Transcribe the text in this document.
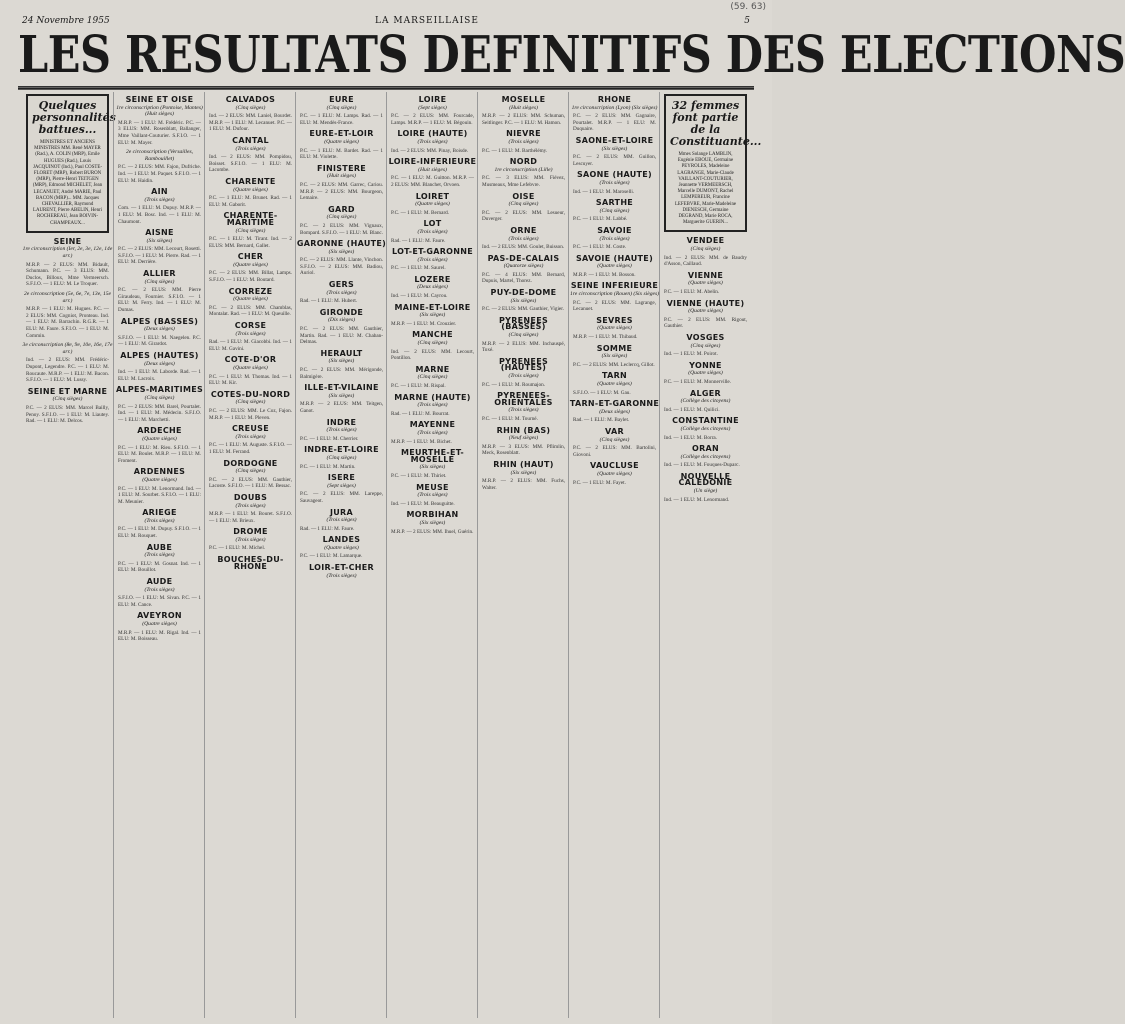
24 Novembre 1955	LA MARSEILLAISE	5
(59. 63)
LES RESULTATS DEFINITIFS DES ELECTIONS
Quelques personnalités battues...
MINISTRES ET ANCIENS MINISTRES MM. René MAYER (Rad.), A. COLIN (MRP), Emile HUGUES (Rad.), Louis JACQUINOT (Ind.), Paul COSTE-FLORET (MRP), Robert BURON (MRP), Pierre-Henri TEITGEN (MRP), Edmond MICHELET, Jean LECANUET, André MARIE, Paul BACON (MRP)... MM. Jacques CHEVALLIER, Raymond LAURENT, Pierre ABELIN, Henri ROCHEREAU, Jean BOIVIN-CHAMPEAUX...
SEINE
1re circonscription (Ier, 2e, 3e, 12e, 14e arr.)
M.R.P. — 2 ELUS: MM. Bidault, Schumann. P.C. — 3 ELUS: MM. Duclos, Billoux, Mme Vermeersch. S.F.I.O. — 1 ELU: M. Le Troquer.
2e circonscription (5e, 6e, 7e, 13e, 15e arr.)
M.R.P. — 1 ELU: M. Hugues. P.C. — 2 ELUS: MM. Cogniot, Pronteau. Ind. — 1 ELU: M. Barrachin. R.G.R. — 1 ELU: M. Faure. S.F.I.O. — 1 ELU: M. Commin.
3e circonscription (8e, 9e, 10e, 16e, 17e arr.)
Ind. — 2 ELUS: MM. Frédéric-Dupont, Legendre. P.C. — 1 ELU: M. Roucaute. M.R.P. — 1 ELU: M. Bacon. S.F.I.O. — 1 ELU: M. Lussy.
SEINE ET MARNE
(Cinq sièges)
P.C. — 2 ELUS: MM. Marcel Bailly, Penoy. S.F.I.O. — 1 ELU: M. Liautey. Rad. — 1 ELU: M. Delcos.
SEINE ET OISE
1re circonscription (Pontoise, Mantes) (Huit sièges)
M.R.P. — 1 ELU: M. Frédéric. P.C. — 3 ELUS: MM. Rosenblatt, Ballanger, Mme Vaillant-Couturier. S.F.I.O. — 1 ELU: M. Mayer.
2e circonscription (Versailles, Rambouillet)
P.C. — 2 ELUS: MM. Fajon, Dufriche. Ind. — 1 ELU: M. Paquet. S.F.I.O. — 1 ELU: M. Haidin.
AIN
(Trois sièges)
Com. — 1 ELU: M. Dupuy. M.R.P. — 1 ELU: M. Bosc. Ind. — 1 ELU: M. Chaumont.
AISNE
(Six sièges)
P.C. — 2 ELUS: MM. Lecourt, Rosetti. S.F.I.O. — 1 ELU: M. Pierre. Rad. — 1 ELU: M. Derrière.
ALLIER
(Cinq sièges)
P.C. — 2 ELUS: MM. Pierre Giraudeau, Fournier. S.F.I.O. — 1 ELU: M. Ferry. Ind. — 1 ELU: M. Dumas.
ALPES (BASSES)
(Deux sièges)
S.F.I.O. — 1 ELU: M. Naegelen. P.C. — 1 ELU: M. Girardot.
ALPES (HAUTES)
(Deux sièges)
Ind. — 1 ELU: M. Laborde. Rad. — 1 ELU: M. Lacroix.
ALPES-MARITIMES
(Cinq sièges)
P.C. — 2 ELUS: MM. Barel, Pourtalet. Ind. — 1 ELU: M. Médecin. S.F.I.O. — 1 ELU: M. Marchetti.
ARDECHE
(Quatre sièges)
P.C. — 1 ELU: M. Rieu. S.F.I.O. — 1 ELU: M. Boulet. M.R.P. — 1 ELU: M. Froment.
ARDENNES
(Quatre sièges)
P.C. — 1 ELU: M. Lenormand. Ind. — 1 ELU: M. Sourbet. S.F.I.O. — 1 ELU: M. Meunier.
ARIEGE
(Trois sièges)
P.C. — 1 ELU: M. Dupuy. S.F.I.O. — 1 ELU: M. Rouquet.
AUBE
(Trois sièges)
P.C. — 1 ELU: M. Gosnat. Ind. — 1 ELU: M. Bouillot.
AUDE
(Trois sièges)
S.F.I.O. — 1 ELU: M. Sivan. P.C. — 1 ELU: M. Cance.
AVEYRON
(Quatre sièges)
M.R.P. — 1 ELU: M. Rigal. Ind. — 1 ELU: M. Boisseau.
CALVADOS
(Cinq sièges)
Ind. — 2 ELUS: MM. Laniel, Bourdet. M.R.P. — 1 ELU: M. Lecanuet. P.C. — 1 ELU: M. Dufour.
CANTAL
(Trois sièges)
Ind. — 2 ELUS: MM. Pompidou, Boisset. S.F.I.O. — 1 ELU: M. Lacombe.
CHARENTE
(Quatre sièges)
P.C. — 1 ELU: M. Brunet. Rad. — 1 ELU: M. Gaborit.
CHARENTE-MARITIME
(Cinq sièges)
P.C. — 1 ELU: M. Tirant. Ind. — 2 ELUS: MM. Bernard, Gallet.
CHER
(Quatre sièges)
P.C. — 2 ELUS: MM. Billat, Lamps. S.F.I.O. — 1 ELU: M. Boutard.
CORREZE
(Quatre sièges)
P.C. — 2 ELUS: MM. Chamblas, Montalat. Rad. — 1 ELU: M. Queuille.
CORSE
(Trois sièges)
Rad. — 1 ELU: M. Giacobbi. Ind. — 1 ELU: M. Gavini.
COTE-D'OR
(Quatre sièges)
P.C. — 1 ELU: M. Thomas. Ind. — 1 ELU: M. Kir.
COTES-DU-NORD
(Cinq sièges)
P.C. — 2 ELUS: MM. Le Coz, Fajon. M.R.P. — 1 ELU: M. Pleven.
CREUSE
(Trois sièges)
P.C. — 1 ELU: M. Auguste. S.F.I.O. — 1 ELU: M. Ferrand.
DORDOGNE
(Cinq sièges)
P.C. — 2 ELUS: MM. Gauthier, Lacoste. S.F.I.O. — 1 ELU: M. Bessac.
DOUBS
(Trois sièges)
M.R.P. — 1 ELU: M. Bouret. S.F.I.O. — 1 ELU: M. Brieux.
DROME
(Trois sièges)
P.C. — 1 ELU: M. Michel.
BOUCHES-DU-RHONE
EURE
(Cinq sièges)
P.C. — 1 ELU: M. Lamps. Rad. — 1 ELU: M. Mendès-France.
EURE-ET-LOIR
(Quatre sièges)
P.C. — 1 ELU: M. Bardet. Rad. — 1 ELU: M. Violette.
FINISTERE
(Huit sièges)
P.C. — 2 ELUS: MM. Garrec, Cariou. M.R.P. — 2 ELUS: MM. Bourgeon, Lemaire.
GARD
(Cinq sièges)
P.C. — 2 ELUS: MM. Vignaux, Bompard. S.F.I.O. — 1 ELU: M. Blanc.
GARONNE (HAUTE)
(Six sièges)
P.C. — 2 ELUS: MM. Llante, Vinchon. S.F.I.O. — 2 ELUS: MM. Badiou, Auriol.
GERS
(Trois sièges)
Rad. — 1 ELU: M. Hubert.
GIRONDE
(Dix sièges)
P.C. — 2 ELUS: MM. Gauthier, Martin. Rad. — 1 ELU: M. Chaban-Delmas.
HERAULT
(Six sièges)
P.C. — 2 ELUS: MM. Mérigonde, Balmigère.
ILLE-ET-VILAINE
(Six sièges)
M.R.P. — 2 ELUS: MM. Teitgen, Ganot.
INDRE
(Trois sièges)
P.C. — 1 ELU: M. Cherrier.
INDRE-ET-LOIRE
(Cinq sièges)
P.C. — 1 ELU: M. Martin.
ISERE
(Sept sièges)
P.C. — 2 ELUS: MM. Lareppe, Sauvageot.
JURA
(Trois sièges)
Rad. — 1 ELU: M. Faure.
LANDES
(Quatre sièges)
P.C. — 1 ELU: M. Lamarque.
LOIR-ET-CHER
(Trois sièges)
LOIRE
(Sept sièges)
P.C. — 2 ELUS: MM. Fourcade, Lamps. M.R.P. — 1 ELU: M. Bégouin.
LOIRE (HAUTE)
(Trois sièges)
Ind. — 2 ELUS: MM. Pinay, Boisde.
LOIRE-INFERIEURE
(Huit sièges)
P.C. — 1 ELU: M. Guitton. M.R.P. — 2 ELUS: MM. Blanchet, Orvoen.
LOIRET
(Quatre sièges)
P.C. — 1 ELU: M. Bernard.
LOT
(Trois sièges)
Rad. — 1 ELU: M. Faure.
LOT-ET-GARONNE
(Trois sièges)
P.C. — 1 ELU: M. Saurel.
LOZERE
(Deux sièges)
Ind. — 1 ELU: M. Cayrou.
MAINE-ET-LOIRE
(Six sièges)
M.R.P. — 1 ELU: M. Crouzier.
MANCHE
(Cinq sièges)
Ind. — 2 ELUS: MM. Lecourt, Pontillon.
MARNE
(Cinq sièges)
P.C. — 1 ELU: M. Rispal.
MARNE (HAUTE)
(Trois sièges)
Rad. — 1 ELU: M. Bourrat.
MAYENNE
(Trois sièges)
M.R.P. — 1 ELU: M. Bichet.
MEURTHE-ET-MOSELLE
(Six sièges)
P.C. — 1 ELU: M. Thiriet.
MEUSE
(Trois sièges)
Ind. — 1 ELU: M. Beauguitte.
MORBIHAN
(Six sièges)
M.R.P. — 2 ELUS: MM. Ihuel, Guérin.
MOSELLE
(Huit sièges)
M.R.P. — 2 ELUS: MM. Schuman, Seitlinger. P.C. — 1 ELU: M. Hamon.
NIEVRE
(Trois sièges)
P.C. — 1 ELU: M. Barthélémy.
NORD
1re circonscription (Lille)
P.C. — 3 ELUS: MM. Fiévez, Musmeaux, Mme Lefebvre.
OISE
(Cinq sièges)
P.C. — 2 ELUS: MM. Lesueur, Duverger.
ORNE
(Trois sièges)
Ind. — 2 ELUS: MM. Goulet, Buisson.
PAS-DE-CALAIS
(Quatorze sièges)
P.C. — 4 ELUS: MM. Bernard, Dupuis, Martel, Thorez.
PUY-DE-DOME
(Six sièges)
P.C. — 2 ELUS: MM. Gauthier, Vigier.
PYRENEES (BASSES)
(Cinq sièges)
M.R.P. — 2 ELUS: MM. Inchauspé, Toxé.
PYRENEES (HAUTES)
(Trois sièges)
P.C. — 1 ELU: M. Roumajon.
PYRENEES-ORIENTALES
(Trois sièges)
P.C. — 1 ELU: M. Tourné.
RHIN (BAS)
(Neuf sièges)
M.R.P. — 3 ELUS: MM. Pflimlin, Meck, Rosenblatt.
RHIN (HAUT)
(Six sièges)
M.R.P. — 2 ELUS: MM. Fuchs, Walter.
RHONE
1re circonscription (Lyon) (Six sièges)
P.C. — 2 ELUS: MM. Gagnaire, Pourtalet. M.R.P. — 1 ELU: M. Duquaire.
SAONE-ET-LOIRE
(Six sièges)
P.C. — 2 ELUS: MM. Guillon, Lescuyer.
SAONE (HAUTE)
(Trois sièges)
Ind. — 1 ELU: M. Maroselli.
SARTHE
(Cinq sièges)
P.C. — 1 ELU: M. Labbé.
SAVOIE
(Trois sièges)
P.C. — 1 ELU: M. Coste.
SAVOIE (HAUTE)
(Quatre sièges)
M.R.P. — 1 ELU: M. Bosson.
SEINE INFERIEURE
1re circonscription (Rouen) (Six sièges)
P.C. — 2 ELUS: MM. Lagrange, Lecanuet.
SEVRES
(Quatre sièges)
M.R.P. — 1 ELU: M. Thibaud.
SOMME
(Six sièges)
P.C. — 2 ELUS: MM. Leclercq, Gillot.
TARN
(Quatre sièges)
S.F.I.O. — 1 ELU: M. Gau.
TARN-ET-GARONNE
(Deux sièges)
Rad. — 1 ELU: M. Baylet.
VAR
(Cinq sièges)
P.C. — 2 ELUS: MM. Bartolini, Giovoni.
VAUCLUSE
(Quatre sièges)
P.C. — 1 ELU: M. Fayet.
32 femmes font partie de la Constituante...
Mmes Solange LAMBLIN, Eugénie EBOUE, Germaine PEYROLES, Madeleine LAGRANGE, Marie-Claude VAILLANT-COUTURIER, Jeannette VERMEERSCH, Marcelle DUMONT, Rachel LEMPEREUR, Francine LEFEBVRE, Marie-Madeleine DIENESCH, Germaine DEGRAND, Marie ROCA, Marguerite GUERIN...
VENDEE
(Cinq sièges)
Ind. — 2 ELUS: MM. de Baudry d'Asson, Caillaud.
VIENNE
(Quatre sièges)
P.C. — 1 ELU: M. Abelin.
VIENNE (HAUTE)
(Quatre sièges)
P.C. — 2 ELUS: MM. Rigout, Gauthier.
VOSGES
(Cinq sièges)
Ind. — 1 ELU: M. Poirot.
YONNE
(Quatre sièges)
P.C. — 1 ELU: M. Monnerville.
ALGER
(Collège des citoyens)
Ind. — 1 ELU: M. Quilici.
CONSTANTINE
(Collège des citoyens)
Ind. — 1 ELU: M. Borra.
ORAN
(Collège des citoyens)
Ind. — 1 ELU: M. Fouques-Duparc.
NOUVELLE CALEDONIE
(Un siège)
Ind. — 1 ELU: M. Lenormand.
